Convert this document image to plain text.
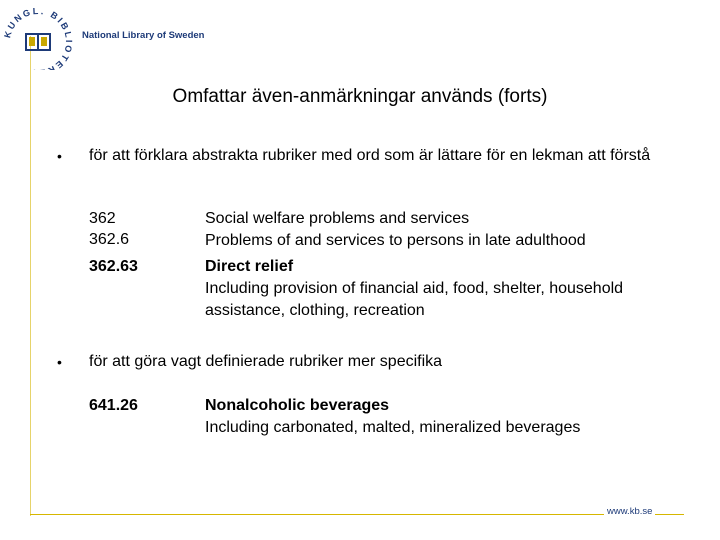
KUNGL. BIBLIOTE
National Library of Sweden
Omfattar även-anmärkningar används (forts)
• för att förklara abstrakta rubriker med ord som är lättare för en lekman att förstå
362
362.6
362.63
Social welfare problems and services
Problems of and services to persons in late adulthood
Direct relief
Including provision of financial aid, food, shelter, household assistance, clothing, recreation
• för att göra vagt definierade rubriker mer specifika
641.26	Nonalcoholic beverages
Including carbonated, malted, mineralized beverages
www.kb.se
